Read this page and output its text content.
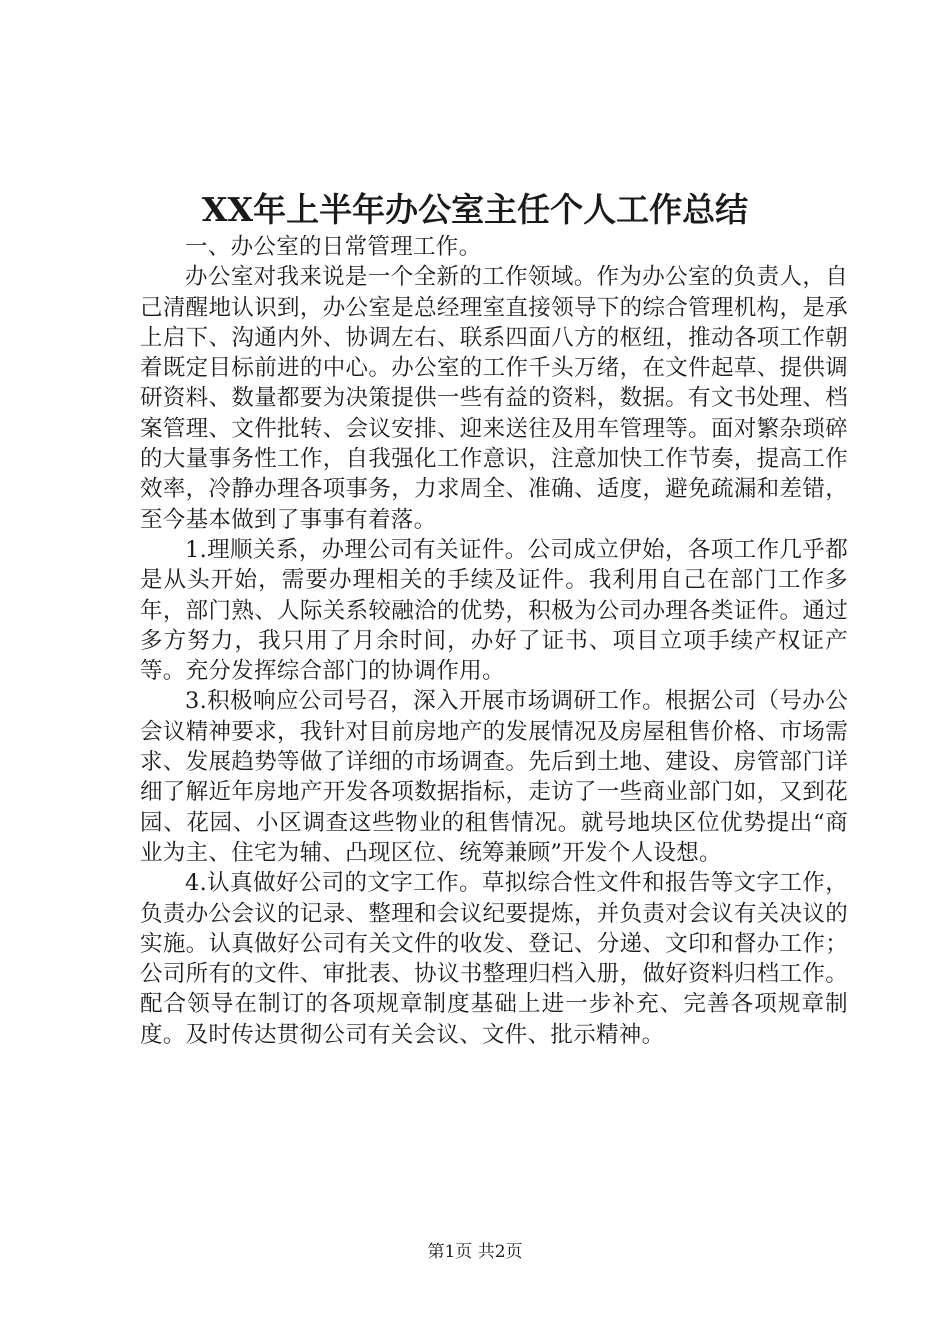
XX年上半年办公室主任个人工作总结

一、办公室的日常管理工作。

办公室对我来说是一个全新的工作领域。作为办公室的负责人，自己清醒地认识到，办公室是总经理室直接领导下的综合管理机构，是承上启下、沟通内外、协调左右、联系四面八方的枢纽，推动各项工作朝着既定目标前进的中心。办公室的工作千头万绪，在文件起草、提供调研资料、数量都要为决策提供一些有益的资料，数据。有文书处理、档案管理、文件批转、会议安排、迎来送往及用车管理等。面对繁杂琐碎的大量事务性工作，自我强化工作意识，注意加快工作节奏，提高工作效率，冷静办理各项事务，力求周全、准确、适度，避免疏漏和差错，至今基本做到了事事有着落。

1.理顺关系，办理公司有关证件。公司成立伊始，各项工作几乎都是从头开始，需要办理相关的手续及证件。我利用自己在部门工作多年，部门熟、人际关系较融洽的优势，积极为公司办理各类证件。通过多方努力，我只用了月余时间，办好了证书、项目立项手续产权证产等。充分发挥综合部门的协调作用。

3.积极响应公司号召，深入开展市场调研工作。根据公司（号办公会议精神要求，我针对目前房地产的发展情况及房屋租售价格、市场需求、发展趋势等做了详细的市场调查。先后到土地、建设、房管部门详细了解近年房地产开发各项数据指标，走访了一些商业部门如，又到花园、花园、小区调查这些物业的租售情况。就号地块区位优势提出“商业为主、住宅为辅、凸现区位、统筹兼顾”开发个人设想。

4.认真做好公司的文字工作。草拟综合性文件和报告等文字工作，负责办公会议的记录、整理和会议纪要提炼，并负责对会议有关决议的实施。认真做好公司有关文件的收发、登记、分递、文印和督办工作；公司所有的文件、审批表、协议书整理归档入册，做好资料归档工作。配合领导在制订的各项规章制度基础上进一步补充、完善各项规章制度。及时传达贯彻公司有关会议、文件、批示精神。

第1页 共2页
